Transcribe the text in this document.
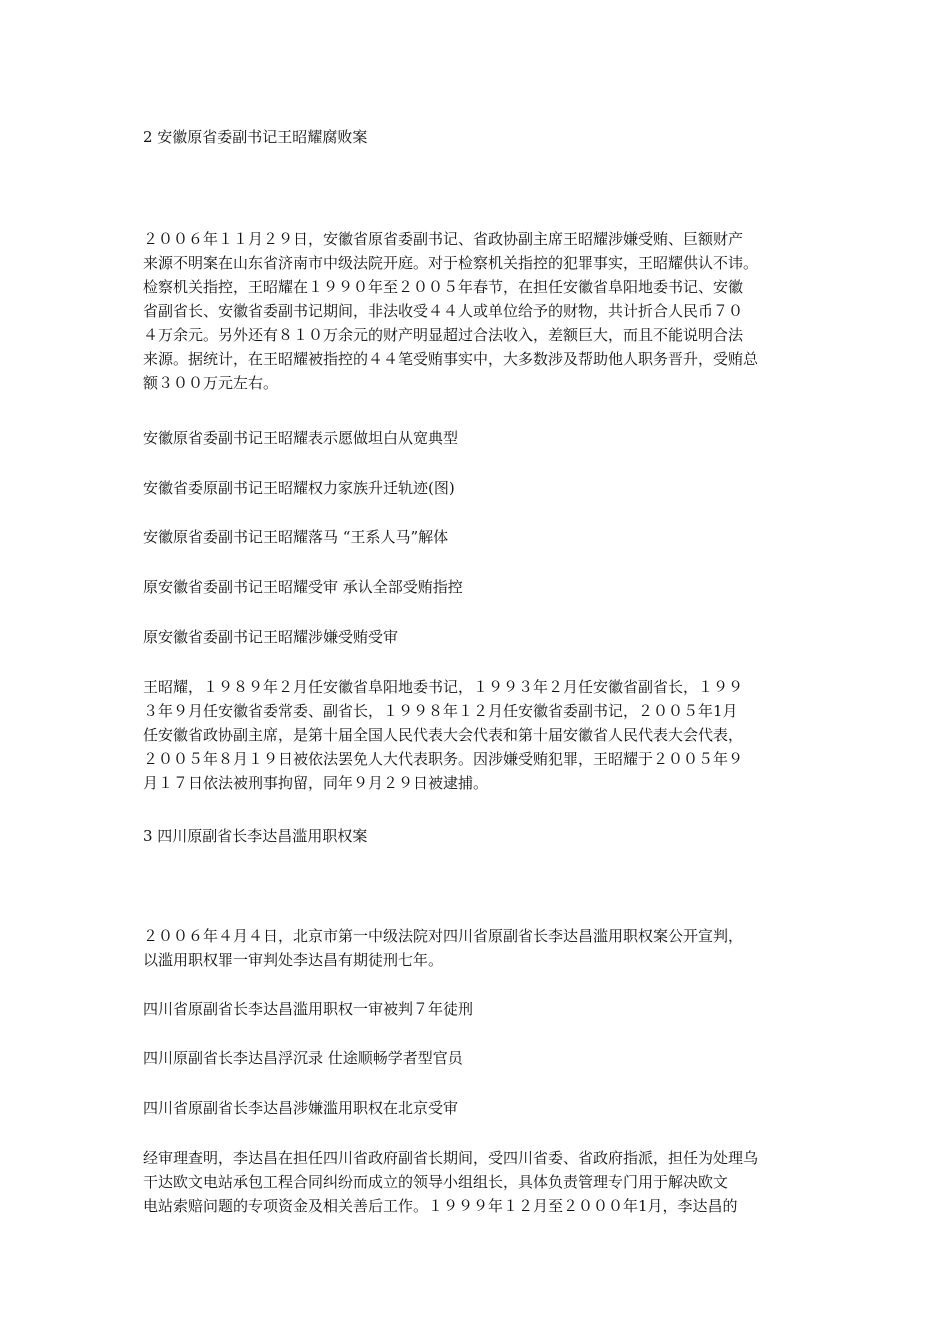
2 安徽原省委副书记王昭耀腐败案
２００６年１１月２９日，安徽省原省委副书记、省政协副主席王昭耀涉嫌受贿、巨额财产
来源不明案在山东省济南市中级法院开庭。对于检察机关指控的犯罪事实，王昭耀供认不讳。
检察机关指控，王昭耀在１９９０年至２００５年春节，在担任安徽省阜阳地委书记、安徽
省副省长、安徽省委副书记期间，非法收受４４人或单位给予的财物，共计折合人民币７０
４万余元。另外还有８１０万余元的财产明显超过合法收入，差额巨大，而且不能说明合法
来源。据统计，在王昭耀被指控的４４笔受贿事实中，大多数涉及帮助他人职务晋升，受贿总
额３００万元左右。
安徽原省委副书记王昭耀表示愿做坦白从宽典型
安徽省委原副书记王昭耀权力家族升迁轨迹(图)
安徽原省委副书记王昭耀落马 “王系人马”解体
原安徽省委副书记王昭耀受审 承认全部受贿指控
原安徽省委副书记王昭耀涉嫌受贿受审
王昭耀，１９８９年２月任安徽省阜阳地委书记，１９９３年２月任安徽省副省长，１９９
３年９月任安徽省委常委、副省长，１９９８年１２月任安徽省委副书记，２００５年1月
任安徽省政协副主席，是第十届全国人民代表大会代表和第十届安徽省人民代表大会代表，
２００５年８月１９日被依法罢免人大代表职务。因涉嫌受贿犯罪，王昭耀于２００５年９
月１７日依法被刑事拘留，同年９月２９日被逮捕。
3 四川原副省长李达昌滥用职权案
２００６年４月４日，北京市第一中级法院对四川省原副省长李达昌滥用职权案公开宣判，
以滥用职权罪一审判处李达昌有期徒刑七年。
四川省原副省长李达昌滥用职权一审被判７年徒刑
四川原副省长李达昌浮沉录 仕途顺畅学者型官员
四川省原副省长李达昌涉嫌滥用职权在北京受审
经审理查明，李达昌在担任四川省政府副省长期间，受四川省委、省政府指派，担任为处理乌
干达欧文电站承包工程合同纠纷而成立的领导小组组长，具体负责管理专门用于解决欧文
电站索赔问题的专项资金及相关善后工作。１９９９年１２月至２０００年1月，李达昌的
